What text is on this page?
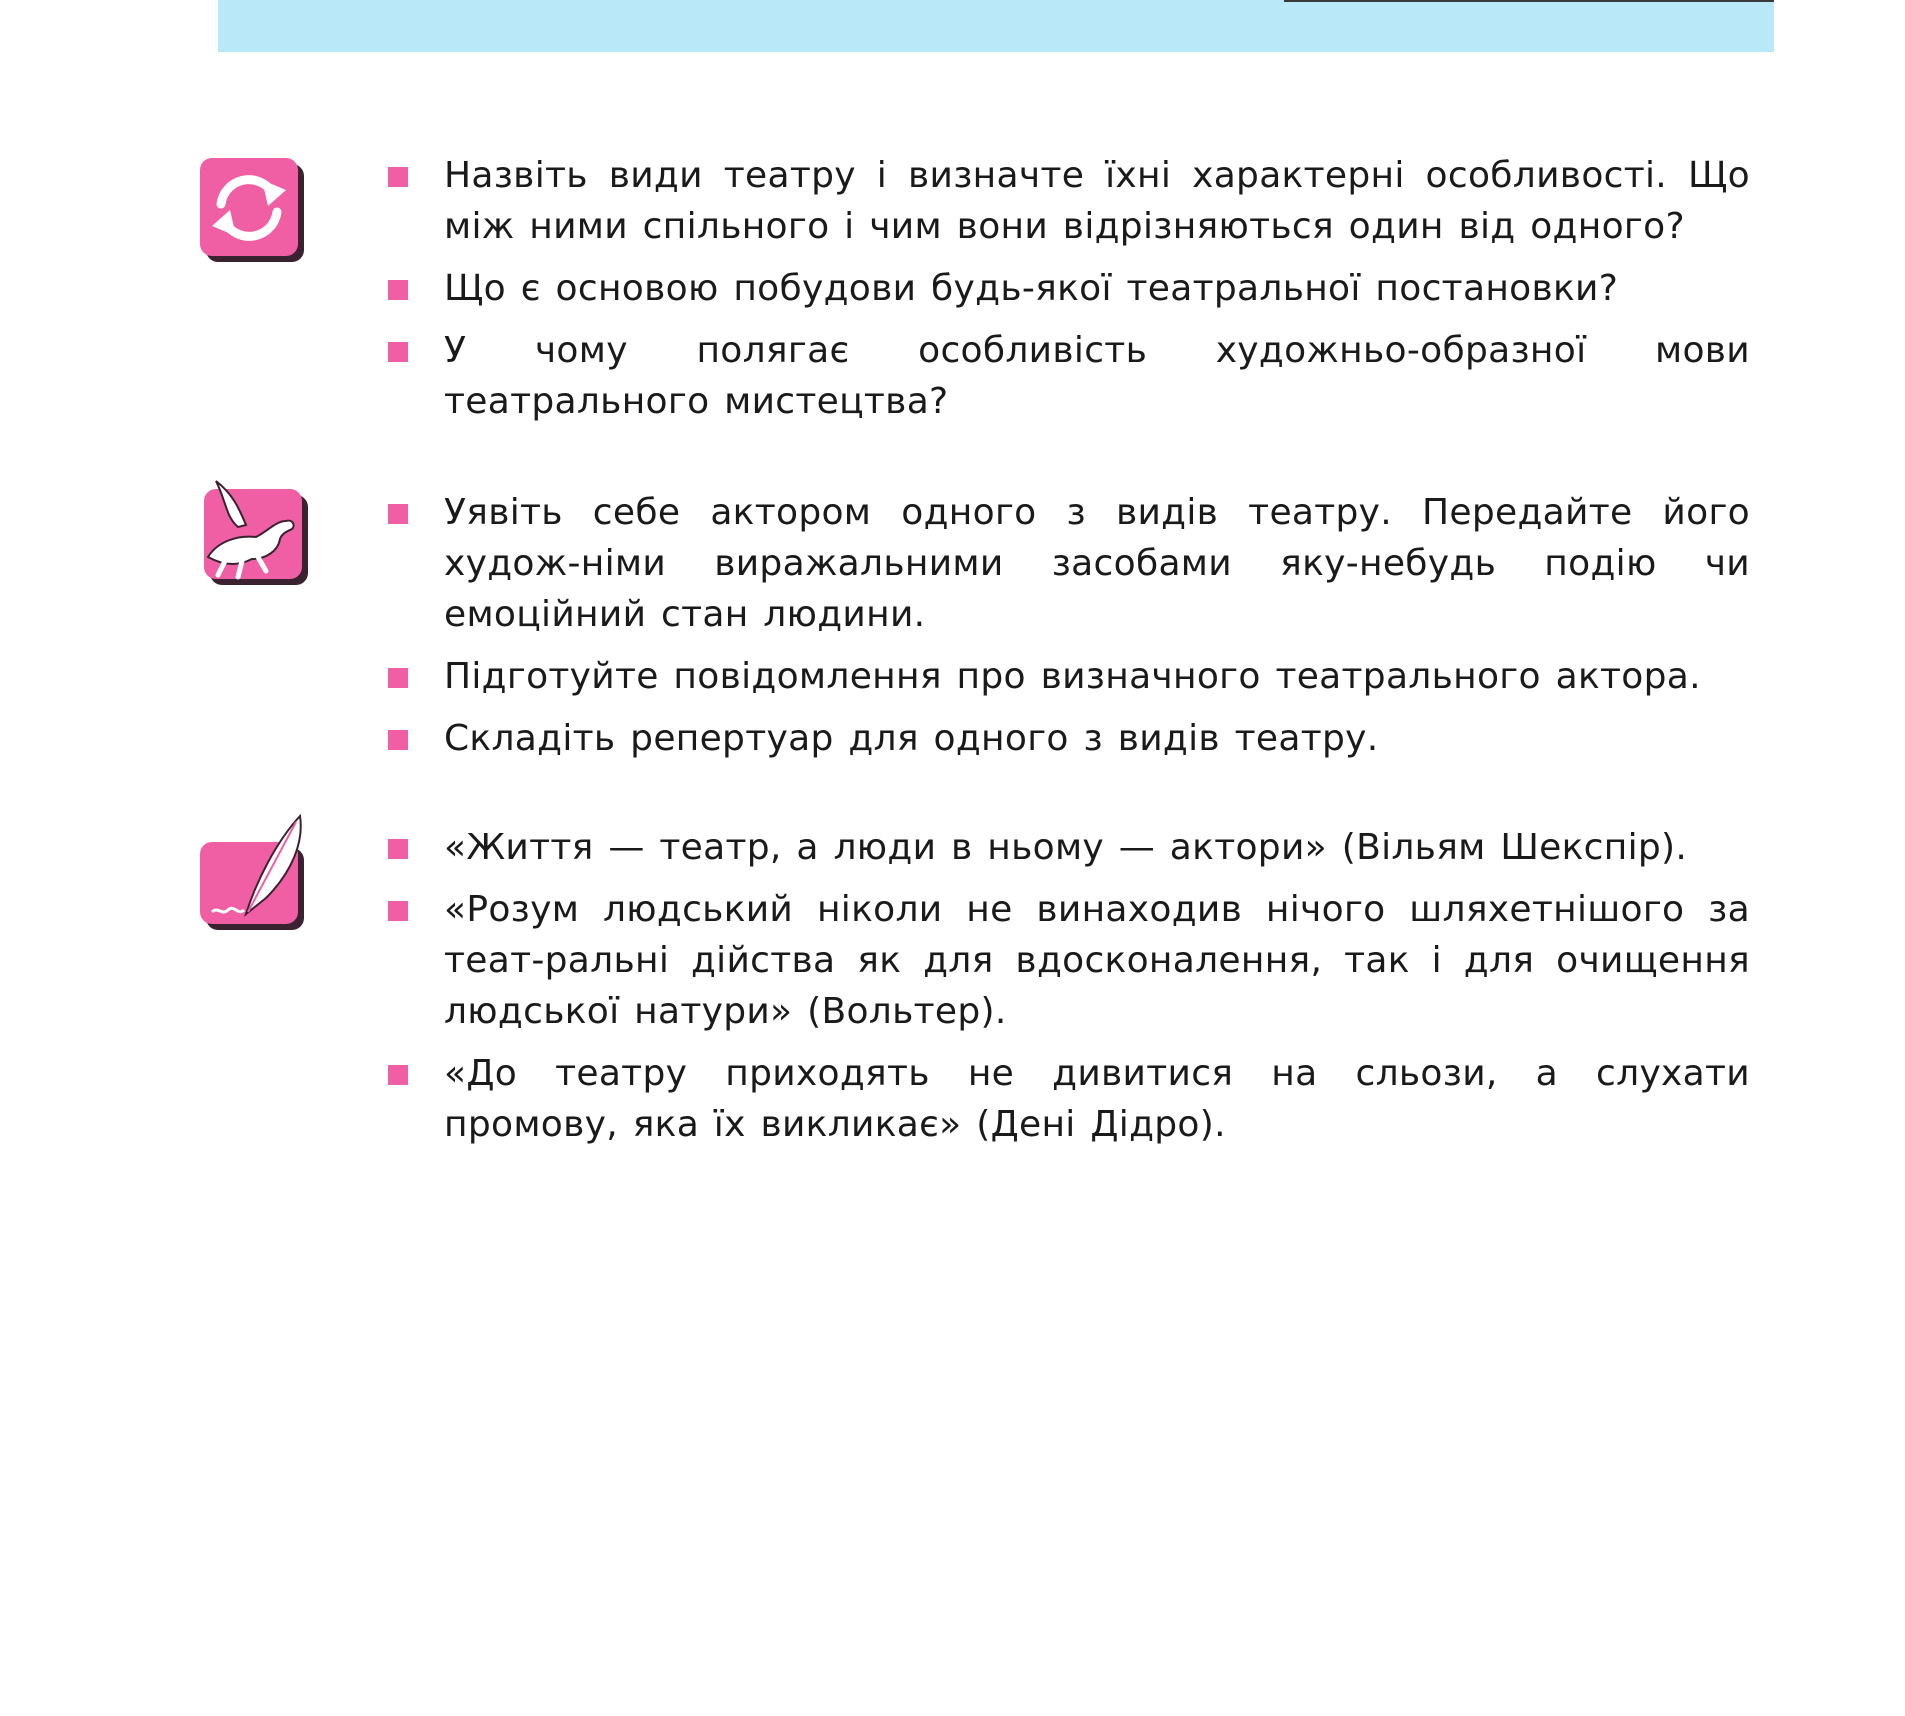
Назвіть види театру і визначте їхні характерні особливості. Що між ними спільного і чим вони відрізняються один від одного?
Що є основою побудови будь-якої театральної постановки?
У чому полягає особливість художньо-образної мови театрального мистецтва?
Уявіть себе актором одного з видів театру. Передайте його худож-німи виражальними засобами яку-небудь подію чи емоційний стан людини.
Підготуйте повідомлення про визначного театрального актора.
Складіть репертуар для одного з видів театру.
«Життя — театр, а люди в ньому — актори» (Вільям Шекспір).
«Розум людський ніколи не винаходив нічого шляхетнішого за теат-ральні дійства як для вдосконалення, так і для очищення людської натури» (Вольтер).
«До театру приходять не дивитися на сльози, а слухати промову, яка їх викликає» (Дені Дідро).
